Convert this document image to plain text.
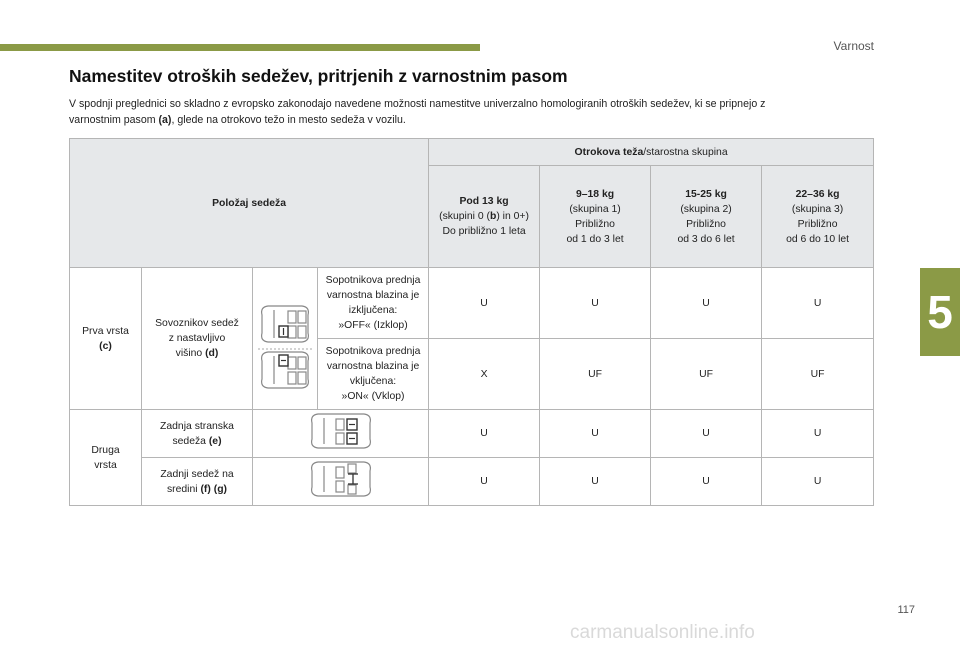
Varnost
5
Namestitev otroških sedežev, pritrjenih z varnostnim pasom

V spodnji preglednici so skladno z evropsko zakonodajo navedene možnosti namestitve univerzalno homologiranih otroških sedežev, ki se pripnejo z
varnostnim pasom (a), glede na otrokovo težo in mesto sedeža v vozilu.

Položaj sedeža				Otrokova teža/starostna skupina			
				Pod 13 kg
(skupini 0 (b) in 0+)
Do približno 1 leta	9–18 kg
(skupina 1)
Približno
od 1 do 3 let	15-25 kg
(skupina 2)
Približno
od 3 do 6 let	22–36 kg
(skupina 3)
Približno
od 6 do 10 let
Prva vrsta
(c)	Sovoznikov sedež
z nastavljivo
višino (d)		Sopotnikova prednja
varnostna blazina je
izključena:
»OFF« (Izklop)	U	U	U	U
			Sopotnikova prednja
varnostna blazina je
vključena:
»ON« (Vklop)	X	UF	UF	UF
Druga
vrsta	Zadnja stranska
sedeža (e)			U	U	U	U
	Zadnji sedež na
sredini (f) (g)			U	U	U	U
117
carmanualsonline.info
